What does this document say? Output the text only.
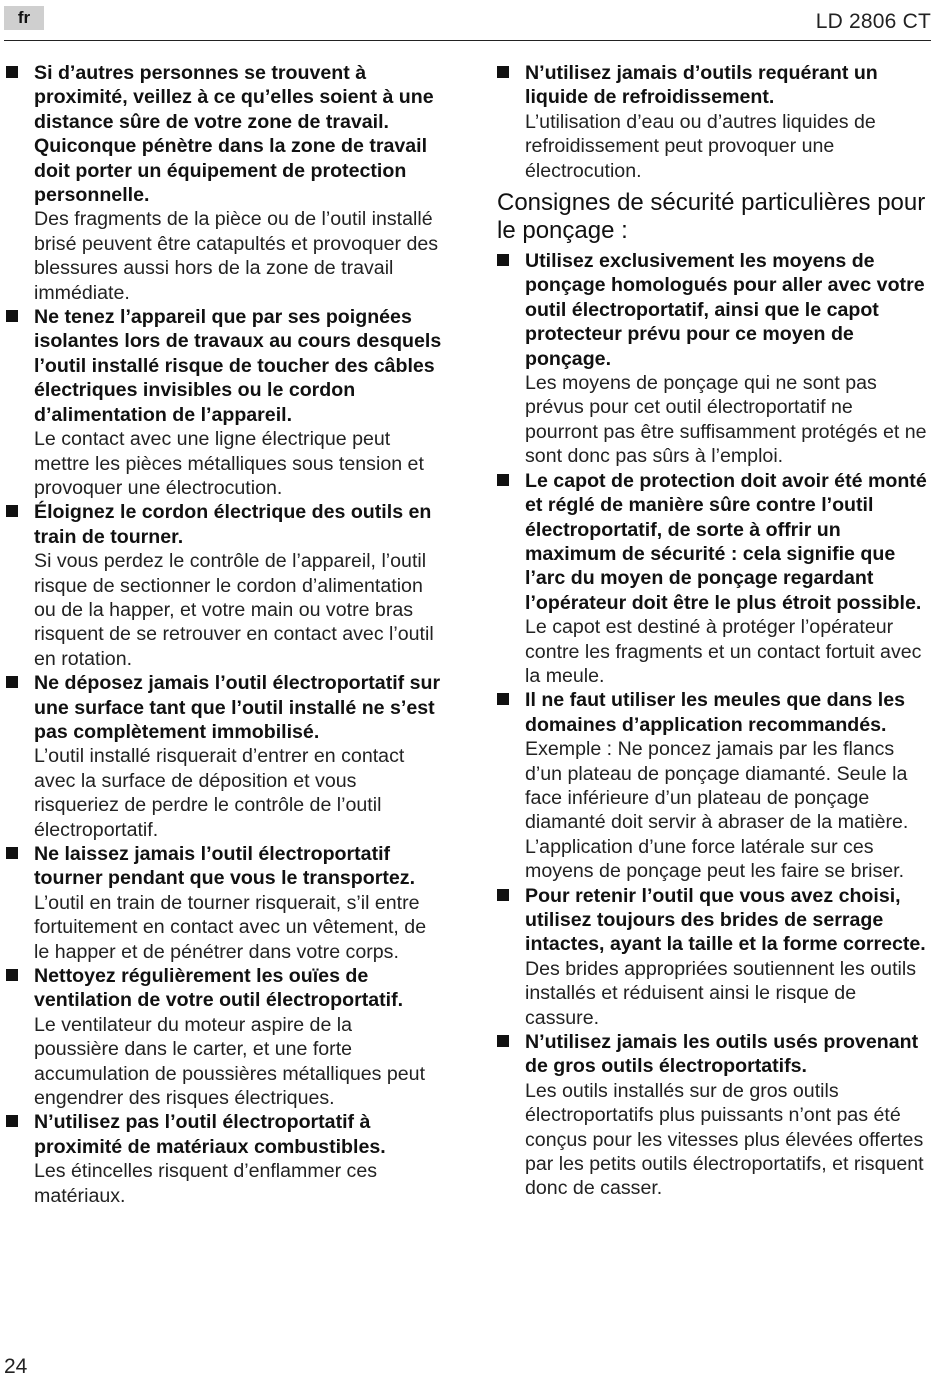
fr	LD 2806 CT
Si d’autres personnes se trouvent à proximité, veillez à ce qu’elles soient à une distance sûre de votre zone de travail. Quiconque pénètre dans la zone de travail doit porter un équipement de protection personnelle.
Des fragments de la pièce ou de l’outil installé brisé peuvent être catapultés et provoquer des blessures aussi hors de la zone de travail immédiate.
Ne tenez l’appareil que par ses poignées isolantes lors de travaux au cours desquels l’outil installé risque de toucher des câbles électriques invisibles ou le cordon d’alimentation de l’appareil.
Le contact avec une ligne électrique peut mettre les pièces métalliques sous tension et provoquer une électrocution.
Éloignez le cordon électrique des outils en train de tourner.
Si vous perdez le contrôle de l’appareil, l’outil risque de sectionner le cordon d’alimentation ou de la happer, et votre main ou votre bras risquent de se retrouver en contact avec l’outil en rotation.
Ne déposez jamais l’outil électroportatif sur une surface tant que l’outil installé ne s’est pas complètement immobilisé.
L’outil installé risquerait d’entrer en contact avec la surface de déposition et vous risqueriez de perdre le contrôle de l’outil électroportatif.
Ne laissez jamais l’outil électroportatif tourner pendant que vous le transportez.
L’outil en train de tourner risquerait, s’il entre fortuitement en contact avec un vêtement, de le happer et de pénétrer dans votre corps.
Nettoyez régulièrement les ouïes de ventilation de votre outil électroportatif.
Le ventilateur du moteur aspire de la poussière dans le carter, et une forte accumulation de poussières métalliques peut engendrer des risques électriques.
N’utilisez pas l’outil électroportatif à proximité de matériaux combustibles.
Les étincelles risquent d’enflammer ces matériaux.
N’utilisez jamais d’outils requérant un liquide de refroidissement.
L’utilisation d’eau ou d’autres liquides de refroidissement peut provoquer une électrocution.
Consignes de sécurité particulières pour le ponçage :
Utilisez exclusivement les moyens de ponçage homologués pour aller avec votre outil électroportatif, ainsi que le capot protecteur prévu pour ce moyen de ponçage.
Les moyens de ponçage qui ne sont pas prévus pour cet outil électroportatif ne pourront pas être suffisamment protégés et ne sont donc pas sûrs à l’emploi.
Le capot de protection doit avoir été monté et réglé de manière sûre contre l’outil électroportatif, de sorte à offrir un maximum de sécurité : cela signifie que l’arc du moyen de ponçage regardant l’opérateur doit être le plus étroit possible.
Le capot est destiné à protéger l’opérateur contre les fragments et un contact fortuit avec la meule.
Il ne faut utiliser les meules que dans les domaines d’application recommandés.
Exemple : Ne poncez jamais par les flancs d’un plateau de ponçage diamanté. Seule la face inférieure d’un plateau de ponçage diamanté doit servir à abraser de la matière. L’application d’une force latérale sur ces moyens de ponçage peut les faire se briser.
Pour retenir l’outil que vous avez choisi, utilisez toujours des brides de serrage intactes, ayant la taille et la forme correcte.
Des brides appropriées soutiennent les outils installés et réduisent ainsi le risque de cassure.
N’utilisez jamais les outils usés provenant de gros outils électroportatifs.
Les outils installés sur de gros outils électroportatifs plus puissants n’ont pas été conçus pour les vitesses plus élevées offertes par les petits outils électroportatifs, et risquent donc de casser.
24
